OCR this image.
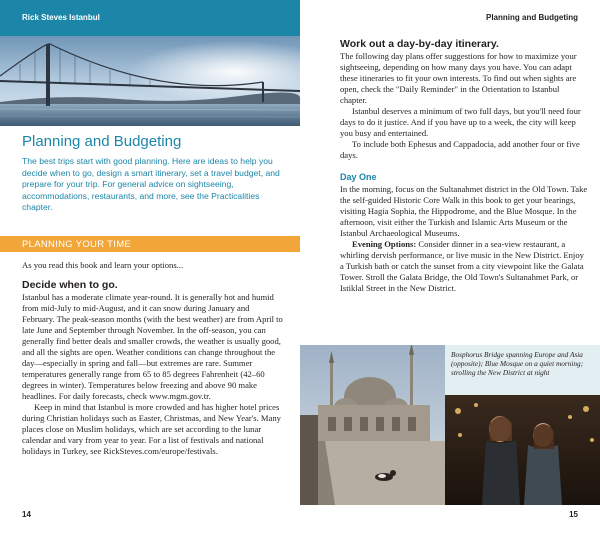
Rick Steves Istanbul
Planning and Budgeting
The best trips start with good planning. Here are ideas to help you decide when to go, design a smart itinerary, set a travel budget, and prepare for your trip. For general advice on sightseeing, accommodations, restaurants, and more, see the Practicalities chapter.
PLANNING YOUR TIME
As you read this book and learn your options...
Decide when to go.

Istanbul has a moderate climate year-round. It is generally hot and humid from mid-July to mid-August, and it can snow during January and February. The peak-season months (with the best weather) are from April to late June and September through November. In the off-season, you can generally find better deals and smaller crowds, the weather is usually good, and all the sights are open. Weather conditions can change throughout the day—especially in spring and fall—but extremes are rare. Summer temperatures generally range from 65 to 85 degrees Fahrenheit (42–60 degrees in winter). Temperatures below freezing and above 90 make headlines. For daily forecasts, check www.mgm.gov.tr.

Keep in mind that Istanbul is more crowded and has higher hotel prices during Christian holidays such as Easter, Christmas, and New Year's. Many places close on Muslim holidays, which are set according to the lunar calendar and vary from year to year. For a list of festivals and national holidays in Turkey, see RickSteves.com/europe/festivals.

14
Planning and Budgeting
Work out a day-by-day itinerary.

The following day plans offer suggestions for how to maximize your sightseeing, depending on how many days you have. You can adapt these itineraries to fit your own interests. To find out when sights are open, check the "Daily Reminder" in the Orientation to Istanbul chapter.

Istanbul deserves a minimum of two full days, but you'll need four days to do it justice. And if you have up to a week, the city will keep you busy and entertained.

To include both Ephesus and Cappadocia, add another four or five days.

Day One

In the morning, focus on the Sultanahmet district in the Old Town. Take the self-guided Historic Core Walk in this book to get your bearings, visiting Hagia Sophia, the Hippodrome, and the Blue Mosque. In the afternoon, visit either the Turkish and Islamic Arts Museum or the Istanbul Archaeological Museums.

Evening Options: Consider dinner in a sea-view restaurant, a whirling dervish performance, or live music in the New District. Enjoy a Turkish bath or catch the sunset from a city viewpoint like the Galata Tower. Stroll the Galata Bridge, the Old Town's Sultanahmet Park, or Istiklal Street in the New District.

Bosphorus Bridge spanning Europe and Asia (opposite); Blue Mosque on a quiet morning; strolling the New District at night
15
